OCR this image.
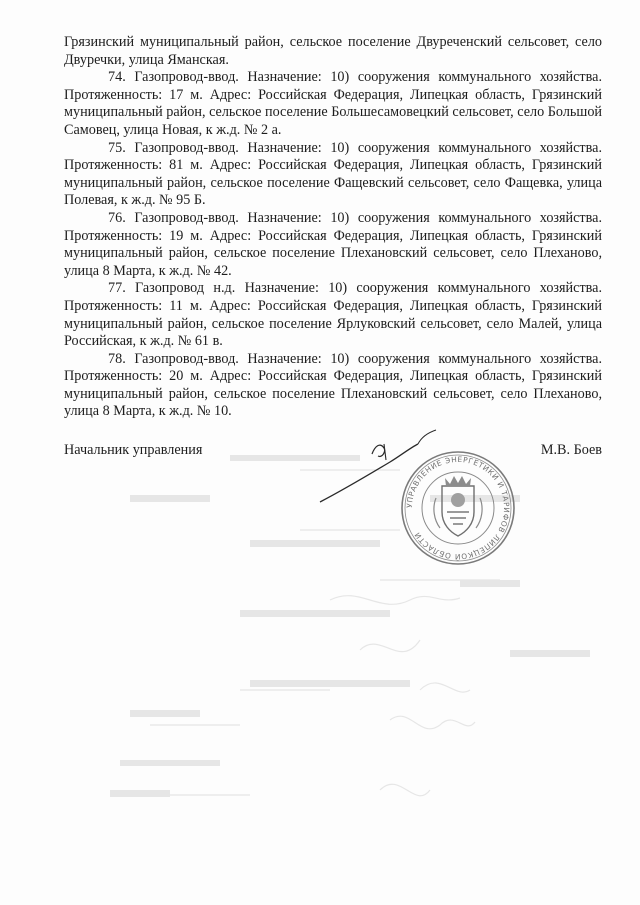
Грязинский муниципальный район, сельское поселение Двуреченский сельсовет, село Двуречки, улица Яманская.

74. Газопровод-ввод. Назначение: 10) сооружения коммунального хозяйства. Протяженность: 17 м. Адрес: Российская Федерация, Липецкая область, Грязинский муниципальный район, сельское поселение Большесамовецкий сельсовет, село Большой Самовец, улица Новая, к ж.д. № 2 а.

75. Газопровод-ввод. Назначение: 10) сооружения коммунального хозяйства. Протяженность: 81 м. Адрес: Российская Федерация, Липецкая область, Грязинский муниципальный район, сельское поселение Фащевский сельсовет, село Фащевка, улица Полевая, к ж.д. № 95 Б.

76. Газопровод-ввод. Назначение: 10) сооружения коммунального хозяйства. Протяженность: 19 м. Адрес: Российская Федерация, Липецкая область, Грязинский муниципальный район, сельское поселение Плехановский сельсовет, село Плеханово, улица 8 Марта, к ж.д. № 42.

77. Газопровод н.д. Назначение: 10) сооружения коммунального хозяйства. Протяженность: 11 м. Адрес: Российская Федерация, Липецкая область, Грязинский муниципальный район, сельское поселение Ярлуковский сельсовет, село Малей, улица Российская, к ж.д. № 61 в.

78. Газопровод-ввод. Назначение: 10) сооружения коммунального хозяйства. Протяженность: 20 м. Адрес: Российская Федерация, Липецкая область, Грязинский муниципальный район, сельское поселение Плехановский сельсовет, село Плеханово, улица 8 Марта, к ж.д. № 10.

Начальник управления	М.В. Боев
УПРАВЛЕНИЕ ЭНЕРГЕТИКИ И ТАРИФОВ ЛИПЕЦКОЙ ОБЛАСТИ
